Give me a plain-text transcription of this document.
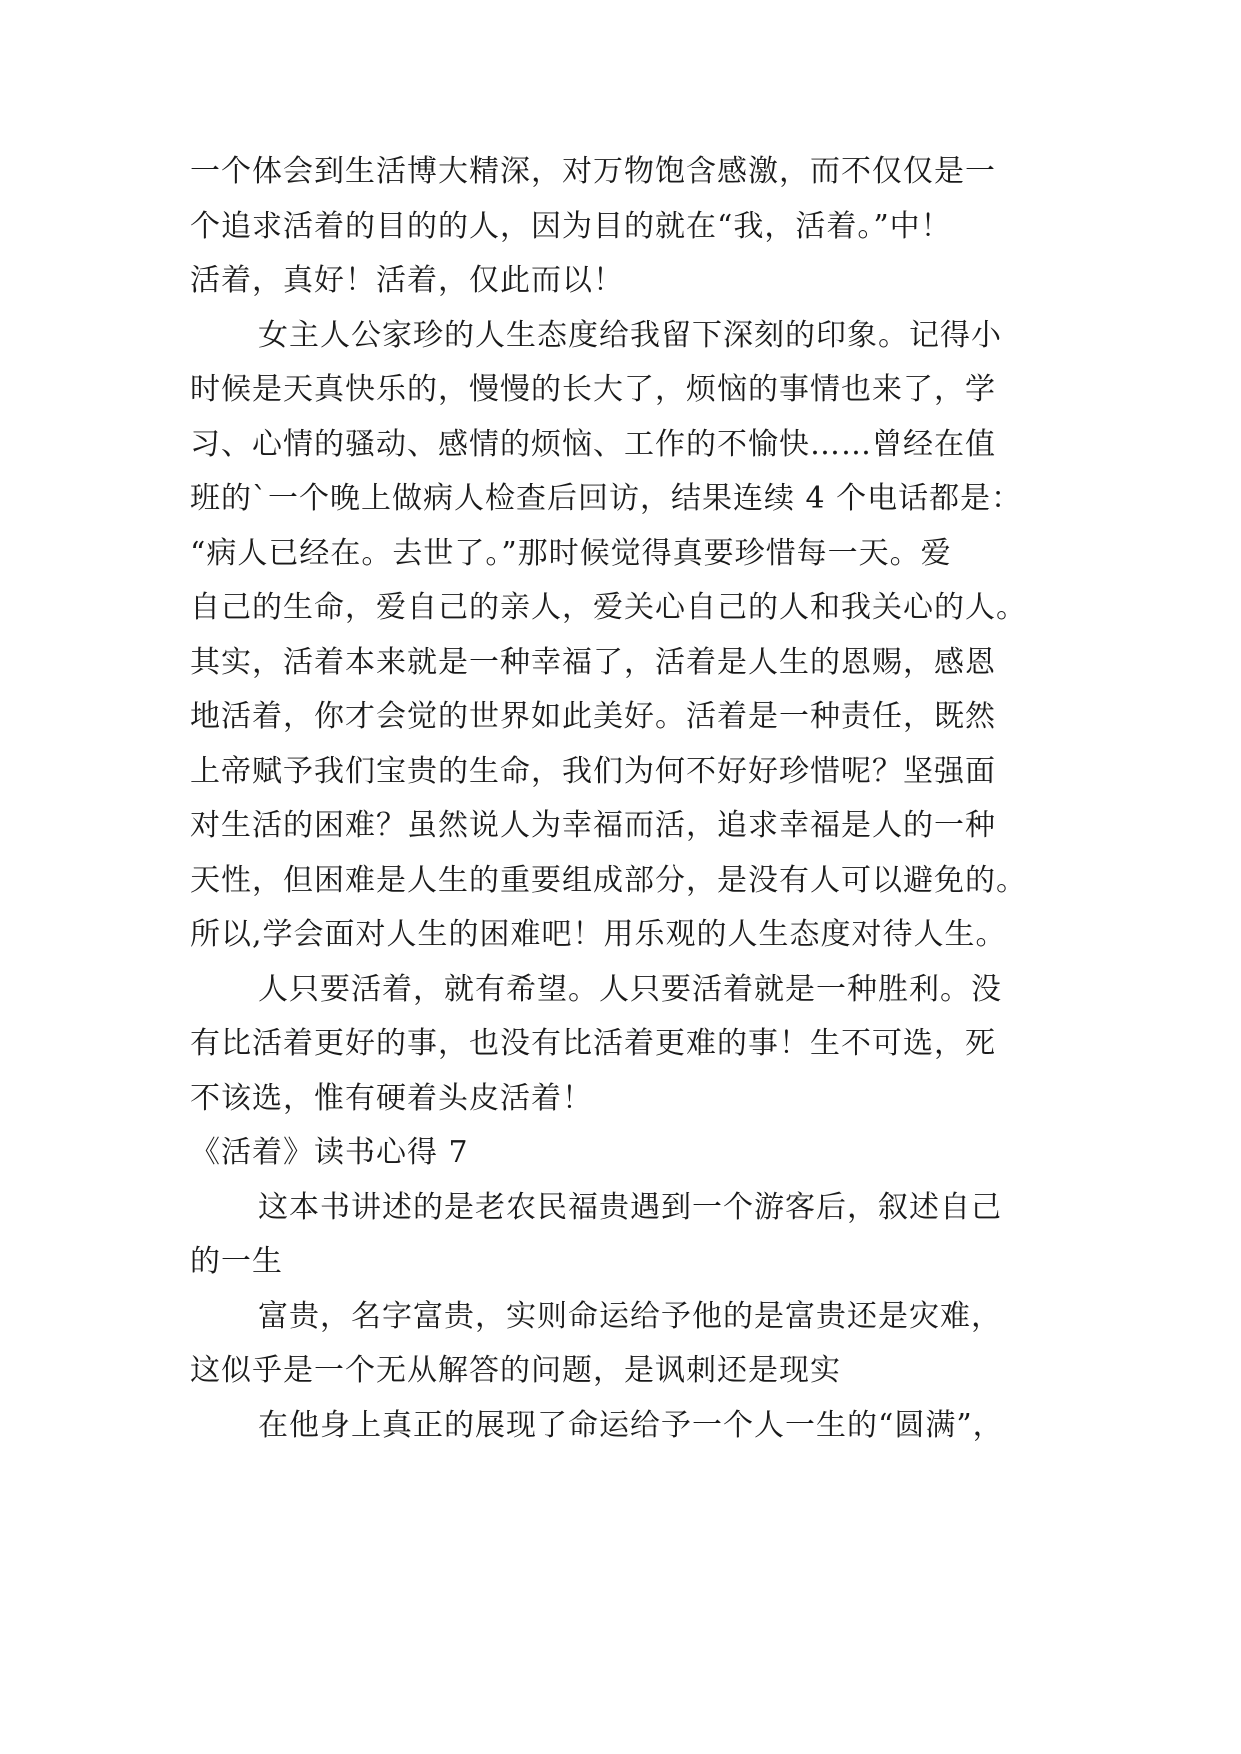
一个体会到生活博大精深，对万物饱含感激，而不仅仅是一

个追求活着的目的的人，因为目的就在“我，活着。”中！

活着，真好！活着，仅此而以！

女主人公家珍的人生态度给我留下深刻的印象。记得小

时候是天真快乐的，慢慢的长大了，烦恼的事情也来了，学

习、心情的骚动、感情的烦恼、工作的不愉快……曾经在值

班的`一个晚上做病人检查后回访，结果连续 4 个电话都是：

“病人已经在。去世了。”那时候觉得真要珍惜每一天。爱

自己的生命，爱自己的亲人，爱关心自己的人和我关心的人。

其实，活着本来就是一种幸福了，活着是人生的恩赐，感恩

地活着，你才会觉的世界如此美好。活着是一种责任，既然

上帝赋予我们宝贵的生命，我们为何不好好珍惜呢？坚强面

对生活的困难？虽然说人为幸福而活，追求幸福是人的一种

天性，但困难是人生的重要组成部分，是没有人可以避免的。

所以,学会面对人生的困难吧！用乐观的人生态度对待人生。

人只要活着，就有希望。人只要活着就是一种胜利。没

有比活着更好的事，也没有比活着更难的事！生不可选，死

不该选，惟有硬着头皮活着！

《活着》读书心得 7

这本书讲述的是老农民福贵遇到一个游客后，叙述自己

的一生

富贵，名字富贵，实则命运给予他的是富贵还是灾难，

这似乎是一个无从解答的问题，是讽刺还是现实

在他身上真正的展现了命运给予一个人一生的“圆满”，
